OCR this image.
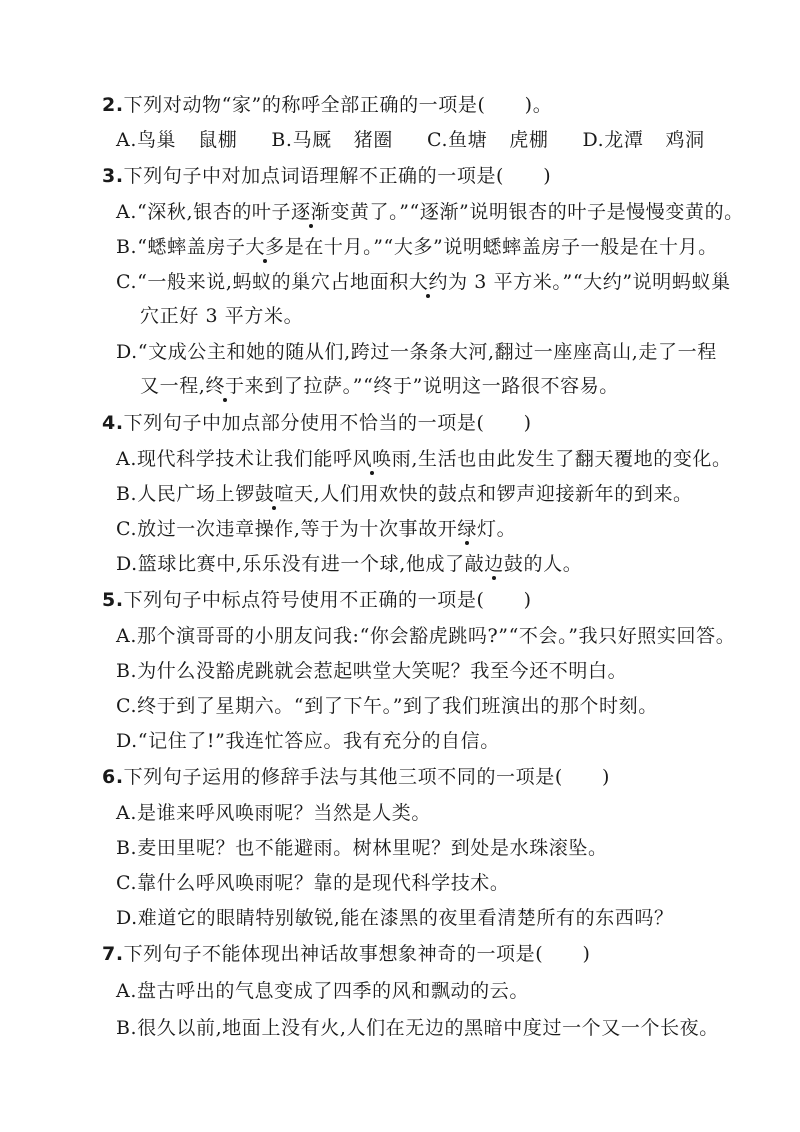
2.下列对动物“家”的称呼全部正确的一项是(　　)。
A.鸟巢 鼠棚 B.马厩 猪圈 C.鱼塘 虎棚 D.龙潭 鸡洞
3.下列句子中对加点词语理解不正确的一项是(　　)
A.“深秋,银杏的叶子逐渐变黄了。”“逐渐”说明银杏的叶子是慢慢变黄的。
B.“蟋蟀盖房子大多是在十月。”“大多”说明蟋蟀盖房子一般是在十月。
C.“一般来说,蚂蚁的巢穴占地面积大约为 3 平方米。”“大约”说明蚂蚁巢
穴正好 3 平方米。
D.“文成公主和她的随从们,跨过一条条大河,翻过一座座高山,走了一程
又一程,终于来到了拉萨。”“终于”说明这一路很不容易。
4.下列句子中加点部分使用不恰当的一项是(　　)
A.现代科学技术让我们能呼风唤雨,生活也由此发生了翻天覆地的变化。
B.人民广场上锣鼓喧天,人们用欢快的鼓点和锣声迎接新年的到来。
C.放过一次违章操作,等于为十次事故开绿灯。
D.篮球比赛中,乐乐没有进一个球,他成了敲边鼓的人。
5.下列句子中标点符号使用不正确的一项是(　　)
A.那个演哥哥的小朋友问我:“你会豁虎跳吗?”“不会。”我只好照实回答。
B.为什么没豁虎跳就会惹起哄堂大笑呢？我至今还不明白。
C.终于到了星期六。“到了下午。”到了我们班演出的那个时刻。
D.“记住了!”我连忙答应。我有充分的自信。
6.下列句子运用的修辞手法与其他三项不同的一项是(　　)
A.是谁来呼风唤雨呢？当然是人类。
B.麦田里呢？也不能避雨。树林里呢？到处是水珠滚坠。
C.靠什么呼风唤雨呢？靠的是现代科学技术。
D.难道它的眼睛特别敏锐,能在漆黑的夜里看清楚所有的东西吗？
7.下列句子不能体现出神话故事想象神奇的一项是(　　)
A.盘古呼出的气息变成了四季的风和飘动的云。
B.很久以前,地面上没有火,人们在无边的黑暗中度过一个又一个长夜。
